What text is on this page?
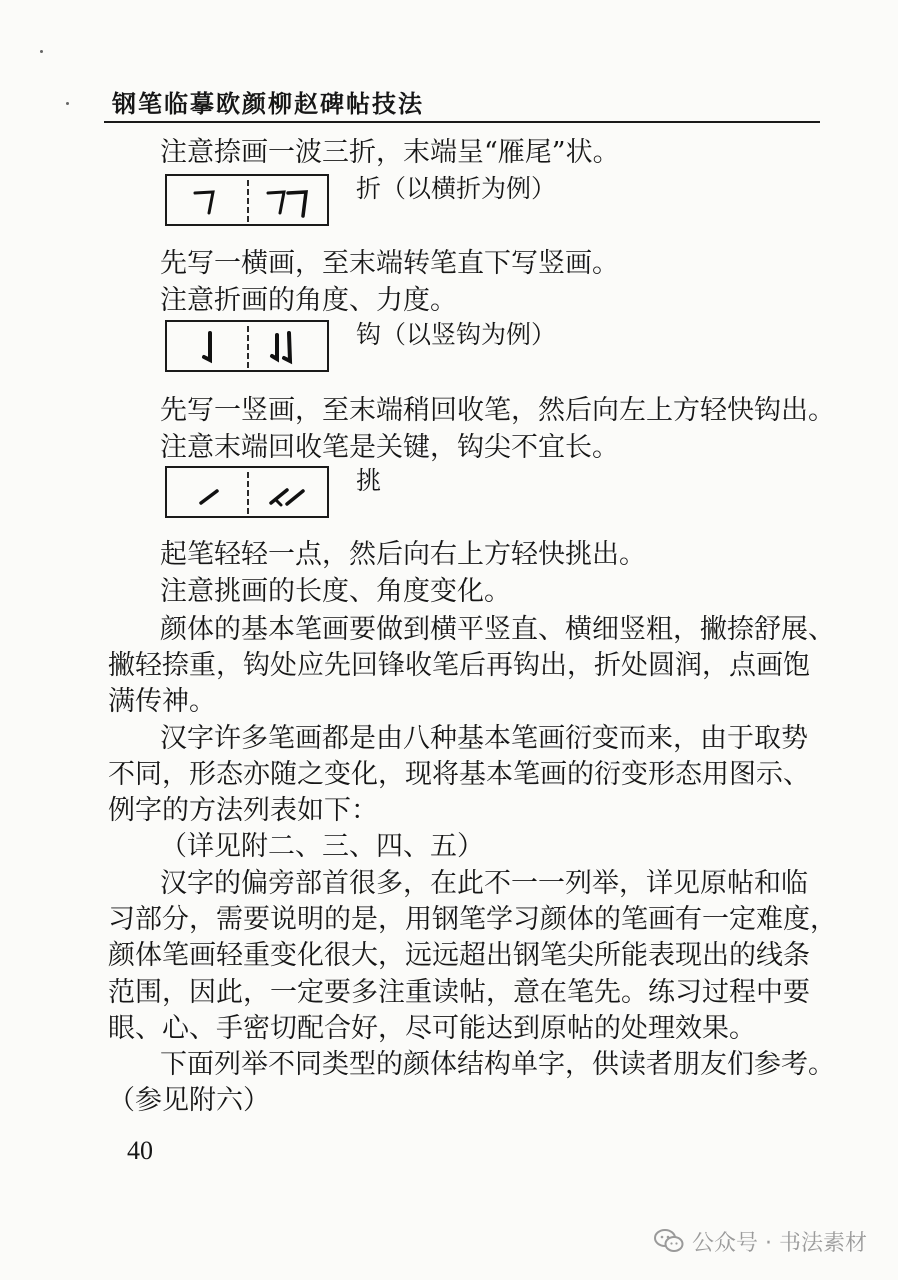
钢笔临摹欧颜柳赵碑帖技法
注意捺画一波三折，末端呈“雁尾”状。
折（以横折为例）
先写一横画，至末端转笔直下写竖画。
注意折画的角度、力度。
钩（以竖钩为例）
先写一竖画，至末端稍回收笔，然后向左上方轻快钩出。
注意末端回收笔是关键，钩尖不宜长。
挑
起笔轻轻一点，然后向右上方轻快挑出。
注意挑画的长度、角度变化。
颜体的基本笔画要做到横平竖直、横细竖粗，撇捺舒展、
撇轻捺重，钩处应先回锋收笔后再钩出，折处圆润，点画饱
满传神。
汉字许多笔画都是由八种基本笔画衍变而来，由于取势
不同，形态亦随之变化，现将基本笔画的衍变形态用图示、
例字的方法列表如下：
（详见附二、三、四、五）
汉字的偏旁部首很多，在此不一一列举，详见原帖和临
习部分，需要说明的是，用钢笔学习颜体的笔画有一定难度，
颜体笔画轻重变化很大，远远超出钢笔尖所能表现出的线条
范围，因此，一定要多注重读帖，意在笔先。练习过程中要
眼、心、手密切配合好，尽可能达到原帖的处理效果。
下面列举不同类型的颜体结构单字，供读者朋友们参考。
（参见附六）
40
公众号 · 书法素材
